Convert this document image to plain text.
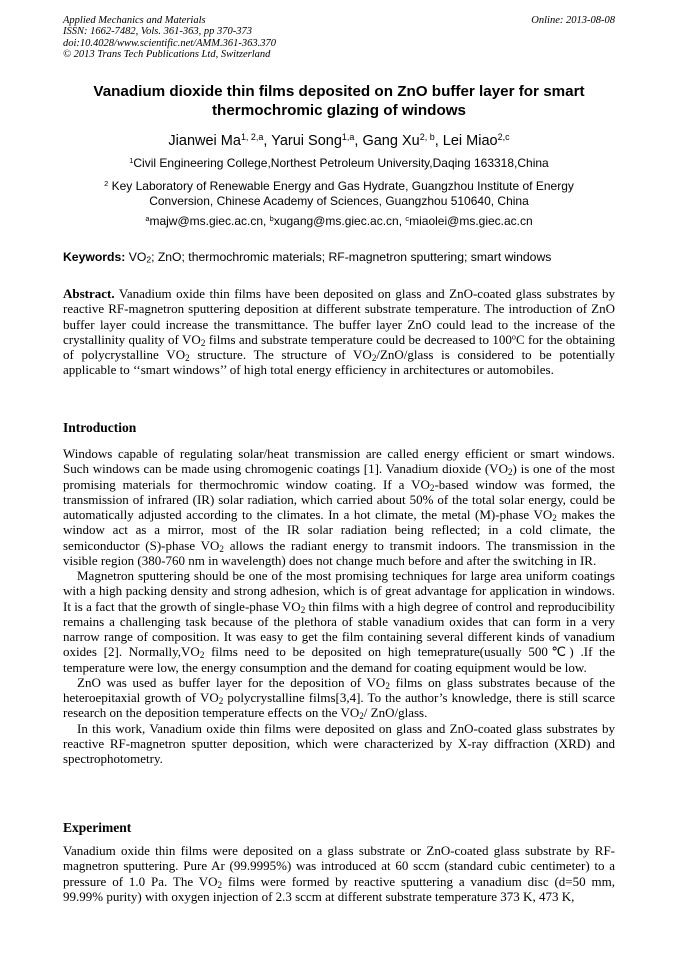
Applied Mechanics and Materials
ISSN: 1662-7482, Vols. 361-363, pp 370-373
doi:10.4028/www.scientific.net/AMM.361-363.370
© 2013 Trans Tech Publications Ltd, Switzerland
Online: 2013-08-08
Vanadium dioxide thin films deposited on ZnO buffer layer for smart thermochromic glazing of windows
Jianwei Ma$^{1, 2,a}$, Yarui Song$^{1,a}$, Gang Xu$^{2, b}$, Lei Miao$^{2,c}$
$^1$Civil Engineering College,Northest Petroleum University,Daqing 163318,China
$^2$ Key Laboratory of Renewable Energy and Gas Hydrate, Guangzhou Institute of Energy Conversion, Chinese Academy of Sciences, Guangzhou 510640, China
$^a$majw@ms.giec.ac.cn, $^b$xugang@ms.giec.ac.cn, $^c$miaolei@ms.giec.ac.cn
Keywords: $VO_2$; ZnO; thermochromic materials; RF-magnetron sputtering; smart windows
Abstract. Vanadium oxide thin films have been deposited on glass and ZnO-coated glass substrates by reactive RF-magnetron sputtering deposition at different substrate temperature. The introduction of ZnO buffer layer could increase the transmittance. The buffer layer ZnO could lead to the increase of the crystallinity quality of $VO_2$ films and substrate temperature could be decreased to 100$^o$C for the obtaining of polycrystalline $VO_2$ structure. The structure of $VO_2/ZnO$/glass is considered to be potentially applicable to ‘‘smart windows’’ of high total energy efficiency in architectures or automobiles.
Introduction

Windows capable of regulating solar/heat transmission are called energy efficient or smart windows. Such windows can be made using chromogenic coatings [1]. Vanadium dioxide $(VO_2)$ is one of the most promising materials for thermochromic window coating. If a $VO_2$-based window was formed, the transmission of infrared (IR) solar radiation, which carried about 50% of the total solar energy, could be automatically adjusted according to the climates. In a hot climate, the metal (M)-phase $VO_2$ makes the window act as a mirror, most of the IR solar radiation being reflected; in a cold climate, the semiconductor (S)-phase $VO_2$ allows the radiant energy to transmit indoors. The transmission in the visible region (380-760 nm in wavelength) does not change much before and after the switching in IR.

Magnetron sputtering should be one of the most promising techniques for large area uniform coatings with a high packing density and strong adhesion, which is of great advantage for application in windows. It is a fact that the growth of single-phase $VO_2$ thin films with a high degree of control and reproducibility remains a challenging task because of the plethora of stable vanadium oxides that can form in a very narrow range of composition. It was easy to get the film containing several different kinds of vanadium oxides [2]. $Normally,VO_2$ films need to be deposited on high temeprature(usually 500℃) .If the temperature were low, the energy consumption and the demand for coating equipment would be low.

ZnO was used as buffer layer for the deposition of $VO_2$ films on glass substrates because of the heteroepitaxial growth of $VO_2$ polycrystalline films[3,4]. To the author’s knowledge, there is still scarce research on the deposition temperature effects on the $VO_2/$ ZnO/glass.

In this work, Vanadium oxide thin films were deposited on glass and ZnO-coated glass substrates by reactive RF-magnetron sputter deposition, which were characterized by X-ray diffraction (XRD) and spectrophotometry.

Experiment
Vanadium oxide thin films were deposited on a glass substrate or ZnO-coated glass substrate by RF-magnetron sputtering. Pure Ar (99.9995%) was introduced at 60 sccm (standard cubic centimeter) to a pressure of 1.0 Pa. The $VO_2$ films were formed by reactive sputtering a vanadium disc (d=50 mm, 99.99% purity) with oxygen injection of 2.3 sccm at different substrate temperature 373 K, 473 K,
